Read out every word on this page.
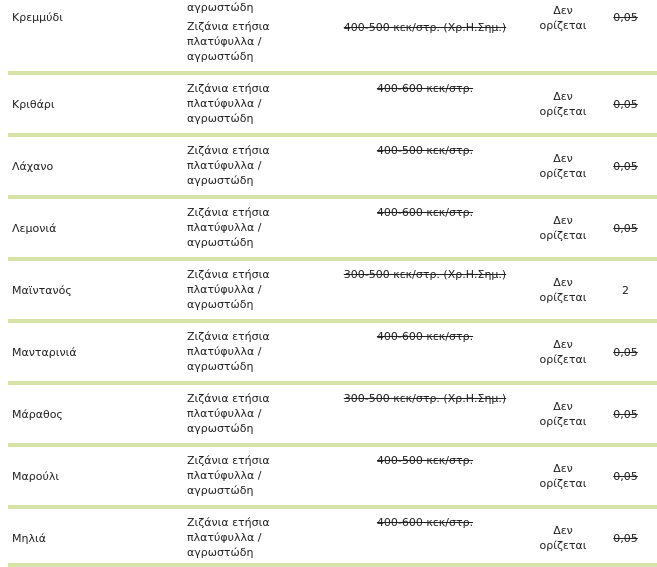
Κρεμμύδι
αγρωστώδη
Ζιζάνια ετήσια
πλατύφυλλα /
αγρωστώδη
400-500 κεκ/στρ. (Χρ.Η.Σημ.)
Δεν
ορίζεται
0,05
Κριθάρι
Ζιζάνια ετήσια
πλατύφυλλα /
αγρωστώδη
400-600 κεκ/στρ.
Δεν
ορίζεται
0,05
Λάχανο
Ζιζάνια ετήσια
πλατύφυλλα /
αγρωστώδη
400-500 κεκ/στρ.
Δεν
ορίζεται
0,05
Λεμονιά
Ζιζάνια ετήσια
πλατύφυλλα /
αγρωστώδη
400-600 κεκ/στρ.
Δεν
ορίζεται
0,05
Μαϊντανός
Ζιζάνια ετήσια
πλατύφυλλα /
αγρωστώδη
300-500 κεκ/στρ. (Χρ.Η.Σημ.)
Δεν
ορίζεται
2
Μανταρινιά
Ζιζάνια ετήσια
πλατύφυλλα /
αγρωστώδη
400-600 κεκ/στρ.
Δεν
ορίζεται
0,05
Μάραθος
Ζιζάνια ετήσια
πλατύφυλλα /
αγρωστώδη
300-500 κεκ/στρ. (Χρ.Η.Σημ.)
Δεν
ορίζεται
0,05
Μαρούλι
Ζιζάνια ετήσια
πλατύφυλλα /
αγρωστώδη
400-500 κεκ/στρ.
Δεν
ορίζεται
0,05
Μηλιά
Ζιζάνια ετήσια
πλατύφυλλα /
αγρωστώδη
400-600 κεκ/στρ.
Δεν
ορίζεται
0,05
